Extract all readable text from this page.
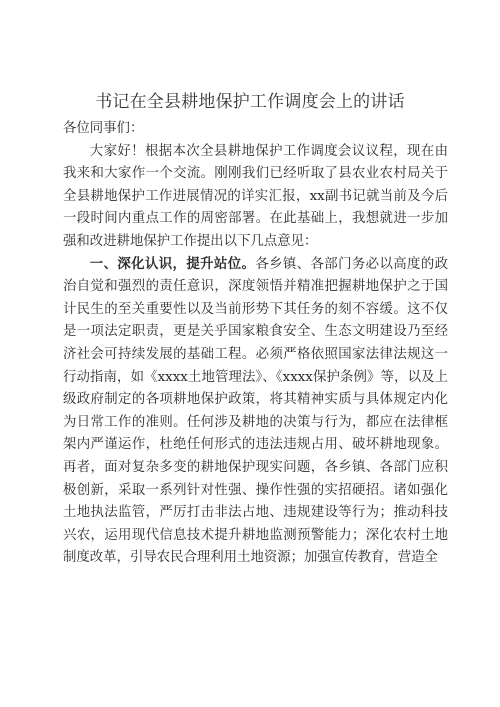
书记在全县耕地保护工作调度会上的讲话

各位同事们：

大家好！根据本次全县耕地保护工作调度会议议程，现在由我来和大家作一个交流。刚刚我们已经听取了县农业农村局关于全县耕地保护工作进展情况的详实汇报，xx副书记就当前及今后一段时间内重点工作的周密部署。在此基础上，我想就进一步加强和改进耕地保护工作提出以下几点意见：

一、深化认识，提升站位。各乡镇、各部门务必以高度的政治自觉和强烈的责任意识，深度领悟并精准把握耕地保护之于国计民生的至关重要性以及当前形势下其任务的刻不容缓。这不仅是一项法定职责，更是关乎国家粮食安全、生态文明建设乃至经济社会可持续发展的基础工程。必须严格依照国家法律法规这一行动指南，如《xxxx土地管理法》、《xxxx保护条例》等，以及上级政府制定的各项耕地保护政策，将其精神实质与具体规定内化为日常工作的准则。任何涉及耕地的决策与行为，都应在法律框架内严谨运作，杜绝任何形式的违法违规占用、破坏耕地现象。再者，面对复杂多变的耕地保护现实问题，各乡镇、各部门应积极创新，采取一系列针对性强、操作性强的实招硬招。诸如强化土地执法监管，严厉打击非法占地、违规建设等行为；推动科技兴农，运用现代信息技术提升耕地监测预警能力；深化农村土地制度改革，引导农民合理利用土地资源；加强宣传教育，营造全
